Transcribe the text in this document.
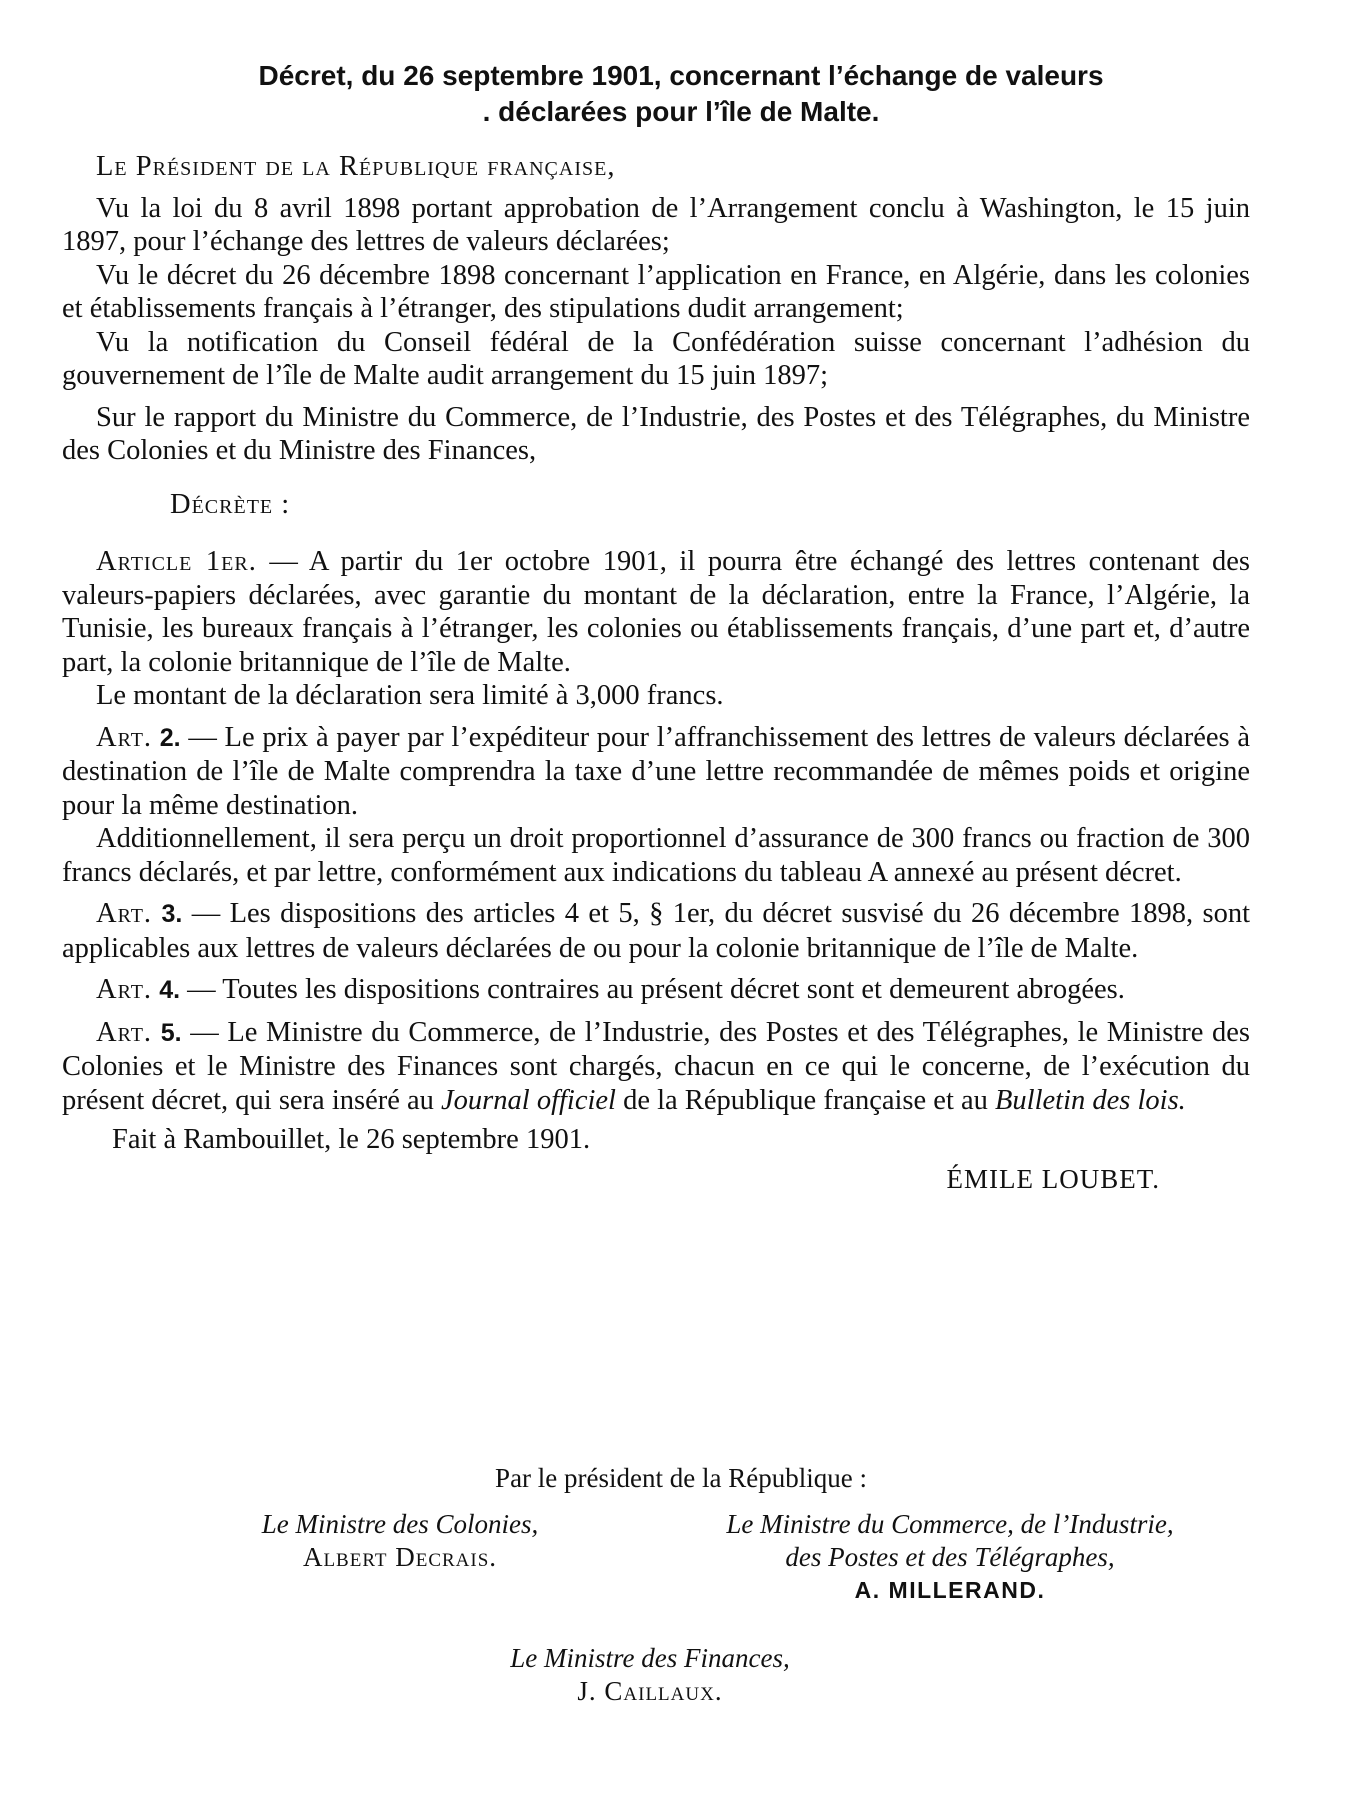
Décret, du 26 septembre 1901, concernant l’échange de valeurs
. déclarées pour l’île de Malte.

Le Président de la République française,

Vu la loi du 8 avril 1898 portant approbation de l’Arrangement conclu à Washington, le 15 juin 1897, pour l’échange des lettres de valeurs déclarées;

Vu le décret du 26 décembre 1898 concernant l’application en France, en Algérie, dans les colonies et établissements français à l’étranger, des stipulations dudit arrangement;

Vu la notification du Conseil fédéral de la Confédération suisse concernant l’adhésion du gouvernement de l’île de Malte audit arrangement du 15 juin 1897;

Sur le rapport du Ministre du Commerce, de l’Industrie, des Postes et des Télégraphes, du Ministre des Colonies et du Ministre des Finances,

Décrète :

Article 1er. — A partir du 1er octobre 1901, il pourra être échangé des lettres contenant des valeurs-papiers déclarées, avec garantie du montant de la déclaration, entre la France, l’Algérie, la Tunisie, les bureaux français à l’étranger, les colonies ou établissements français, d’une part et, d’autre part, la colonie britannique de l’île de Malte.

Le montant de la déclaration sera limité à 3,000 francs.

Art. 2. — Le prix à payer par l’expéditeur pour l’affranchissement des lettres de valeurs déclarées à destination de l’île de Malte comprendra la taxe d’une lettre recommandée de mêmes poids et origine pour la même destination.

Additionnellement, il sera perçu un droit proportionnel d’assurance de 300 francs ou fraction de 300 francs déclarés, et par lettre, conformément aux indications du tableau A annexé au présent décret.

Art. 3. — Les dispositions des articles 4 et 5, § 1er, du décret susvisé du 26 décembre 1898, sont applicables aux lettres de valeurs déclarées de ou pour la colonie britannique de l’île de Malte.

Art. 4. — Toutes les dispositions contraires au présent décret sont et demeurent abrogées.

Art. 5. — Le Ministre du Commerce, de l’Industrie, des Postes et des Télégraphes, le Ministre des Colonies et le Ministre des Finances sont chargés, chacun en ce qui le concerne, de l’exécution du présent décret, qui sera inséré au Journal officiel de la République française et au Bulletin des lois.

Fait à Rambouillet, le 26 septembre 1901.

ÉMILE LOUBET.
Par le président de la République :
Le Ministre des Colonies,
Albert Decrais.
Le Ministre du Commerce, de l’Industrie,
des Postes et des Télégraphes,
A. MILLERAND.
Le Ministre des Finances,
J. Caillaux.
